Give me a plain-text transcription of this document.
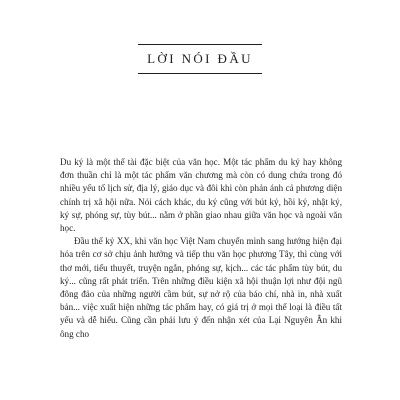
LỜI NÓI ĐẦU

Du ký là một thể tài đặc biệt của văn học. Một tác phẩm du ký hay không đơn thuần chỉ là một tác phẩm văn chương mà còn có dung chứa trong đó nhiều yếu tố lịch sử, địa lý, giáo dục và đôi khi còn phản ánh cả phương diện chính trị xã hội nữa. Nói cách khác, du ký cũng với bút ký, hồi ký, nhật ký, ký sự, phóng sự, tùy bút... nằm ở phần giao nhau giữa văn học và ngoài văn học.

Đầu thế kỷ XX, khi văn học Việt Nam chuyển mình sang hướng hiện đại hóa trên cơ sở chịu ảnh hưởng và tiếp thu văn học phương Tây, thì cùng với thơ mới, tiểu thuyết, truyện ngắn, phóng sự, kịch... các tác phẩm tùy bút, du ký... cũng rất phát triển. Trên những điều kiện xã hội thuận lợi như đội ngũ đông đảo của những người cầm bút, sự nở rộ của báo chí, nhà in, nhà xuất bản... việc xuất hiện những tác phẩm hay, có giá trị ở mọi thể loại là điều tất yếu và dễ hiểu. Cũng cần phải lưu ý đến nhận xét của Lại Nguyên Ân khi ông cho
